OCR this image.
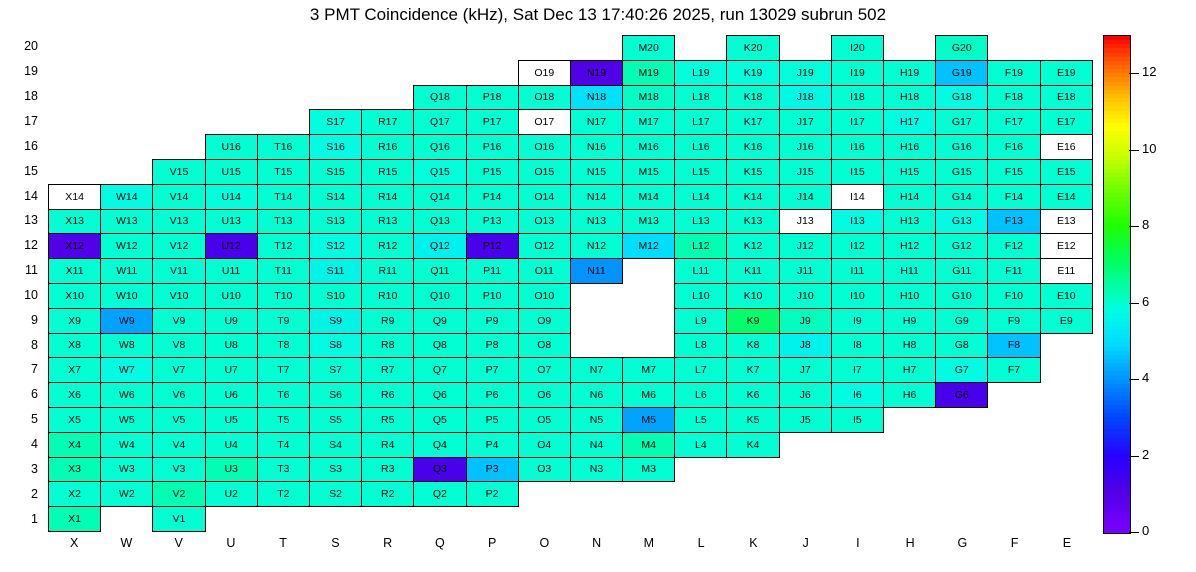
3 PMT Coincidence (kHz), Sat Dec 13 17:40:26 2025, run 13029 subrun 502
20
19
18
17
16
15
14
13
12
11
10
9
8
7
6
5
4
3
2
1
											M20		K20		I20		G20		
									O19	N19	M19	L19	K19	J19	I19	H19	G19	F19	E19
							Q18	P18	O18	N18	M18	L18	K18	J18	I18	H18	G18	F18	E18
					S17	R17	Q17	P17	O17	N17	M17	L17	K17	J17	I17	H17	G17	F17	E17
			U16	T16	S16	R16	Q16	P16	O16	N16	M16	L16	K16	J16	I16	H16	G16	F16	E16
		V15	U15	T15	S15	R15	Q15	P15	O15	N15	M15	L15	K15	J15	I15	H15	G15	F15	E15
X14	W14	V14	U14	T14	S14	R14	Q14	P14	O14	N14	M14	L14	K14	J14	I14	H14	G14	F14	E14
X13	W13	V13	U13	T13	S13	R13	Q13	P13	O13	N13	M13	L13	K13	J13	I13	H13	G13	F13	E13
X12	W12	V12	U12	T12	S12	R12	Q12	P12	O12	N12	M12	L12	K12	J12	I12	H12	G12	F12	E12
X11	W11	V11	U11	T11	S11	R11	Q11	P11	O11	N11		L11	K11	J11	I11	H11	G11	F11	E11
X10	W10	V10	U10	T10	S10	R10	Q10	P10	O10			L10	K10	J10	I10	H10	G10	F10	E10
X9	W9	V9	U9	T9	S9	R9	Q9	P9	O9			L9	K9	J9	I9	H9	G9	F9	E9
X8	W8	V8	U8	T8	S8	R8	Q8	P8	O8			L8	K8	J8	I8	H8	G8	F8	
X7	W7	V7	U7	T7	S7	R7	Q7	P7	O7	N7	M7	L7	K7	J7	I7	H7	G7	F7	
X6	W6	V6	U6	T6	S6	R6	Q6	P6	O6	N6	M6	L6	K6	J6	I6	H6	G6		
X5	W5	V5	U5	T5	S5	R5	Q5	P5	O5	N5	M5	L5	K5	J5	I5				
X4	W4	V4	U4	T4	S4	R4	Q4	P4	O4	N4	M4	L4	K4						
X3	W3	V3	U3	T3	S3	R3	Q3	P3	O3	N3	M3								
X2	W2	V2	U2	T2	S2	R2	Q2	P2											
X1		V1																	
X	W	V	U	T	S	R	Q	P	O	N	M	L	K	J	I	H	G	F	E
12
10
8
6
4
2
0
